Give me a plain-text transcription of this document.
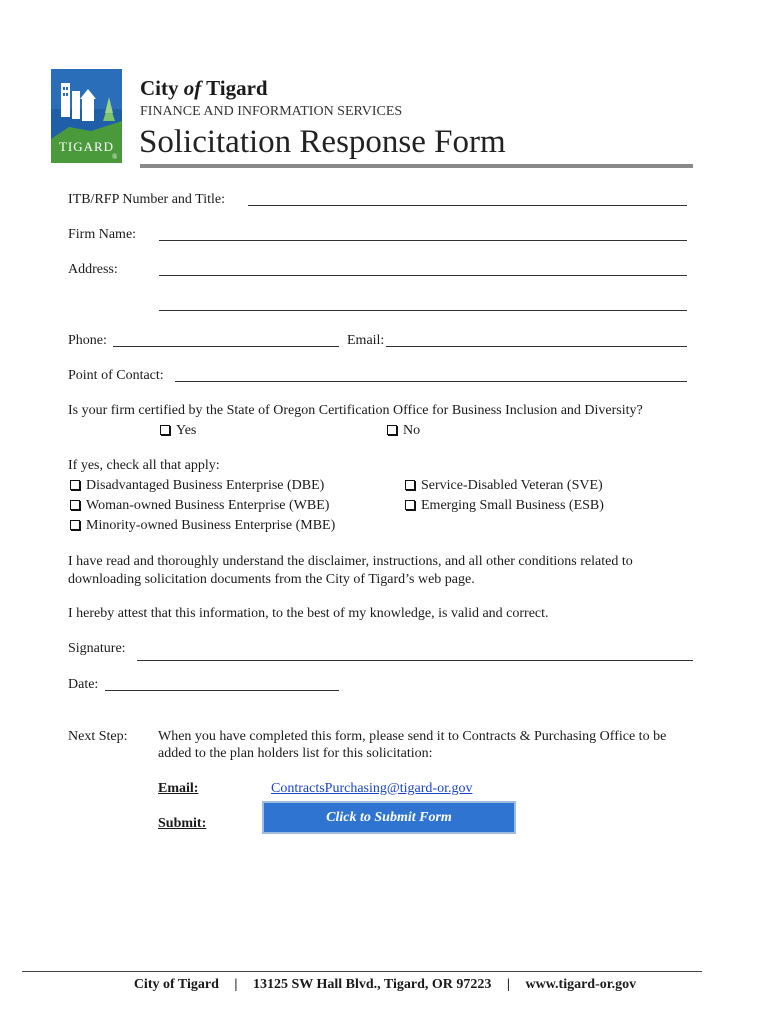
TIGARD
®
City of Tigard
FINANCE AND INFORMATION SERVICES
Solicitation Response Form
ITB/RFP Number and Title:
Firm Name:
Address:
Phone:	Email:
Point of Contact:
Is your firm certified by the State of Oregon Certification Office for Business Inclusion and Diversity?
Yes	No
If yes, check all that apply:
Disadvantaged Business Enterprise (DBE)
Woman-owned Business Enterprise (WBE)
Minority-owned Business Enterprise (MBE)
Service-Disabled Veteran (SVE)
Emerging Small Business (ESB)
I have read and thoroughly understand the disclaimer, instructions, and all other conditions related to
downloading solicitation documents from the City of Tigard’s web page.
I hereby attest that this information, to the best of my knowledge, is valid and correct.
Signature:
Date:
Next Step: When you have completed this form, please send it to Contracts & Purchasing Office to be
added to the plan holders list for this solicitation:
Email:	ContractsPurchasing@tigard-or.gov
Submit:	Click to Submit Form
City of Tigard | 13125 SW Hall Blvd., Tigard, OR 97223 | www.tigard-or.gov
